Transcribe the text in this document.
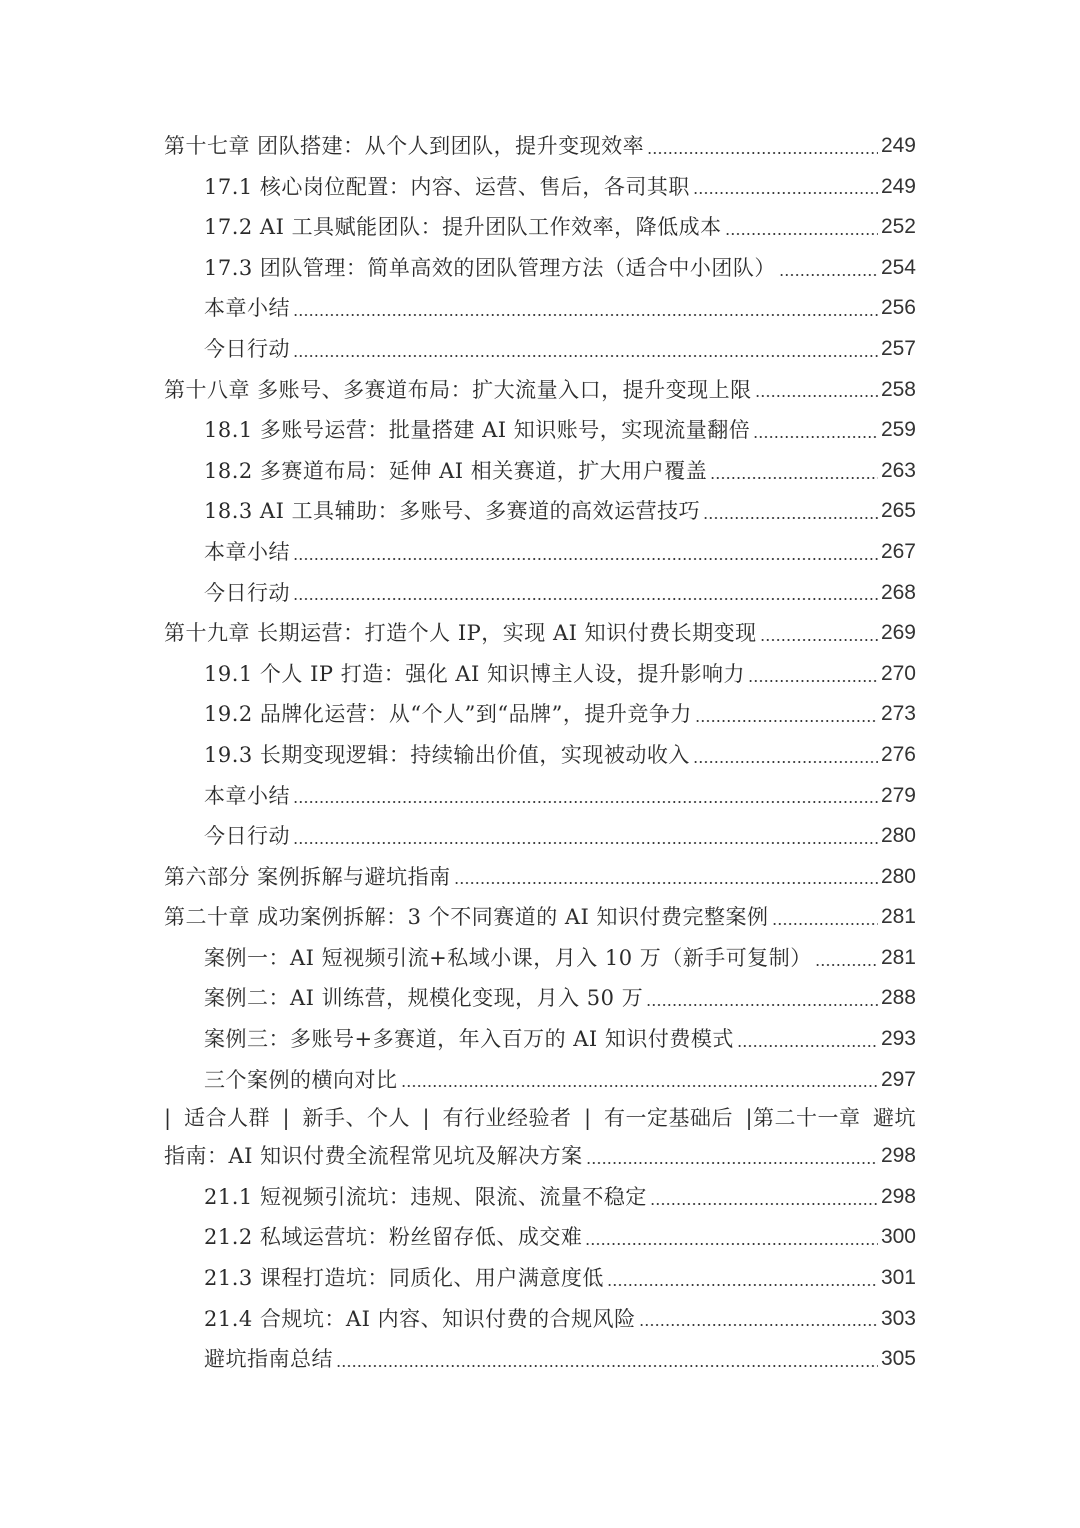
第十七章 团队搭建：从个人到团队，提升变现效率	249
17.1 核心岗位配置：内容、运营、售后，各司其职	249
17.2 AI 工具赋能团队：提升团队工作效率，降低成本	252
17.3 团队管理：简单高效的团队管理方法（适合中小团队）	254
本章小结	256
今日行动	257
第十八章 多账号、多赛道布局：扩大流量入口，提升变现上限	258
18.1 多账号运营：批量搭建 AI 知识账号，实现流量翻倍	259
18.2 多赛道布局：延伸 AI 相关赛道，扩大用户覆盖	263
18.3 AI 工具辅助：多账号、多赛道的高效运营技巧	265
本章小结	267
今日行动	268
第十九章 长期运营：打造个人 IP，实现 AI 知识付费长期变现	269
19.1 个人 IP 打造：强化 AI 知识博主人设，提升影响力	270
19.2 品牌化运营：从“个人”到“品牌”，提升竞争力	273
19.3 长期变现逻辑：持续输出价值，实现被动收入	276
本章小结	279
今日行动	280
第六部分 案例拆解与避坑指南	280
第二十章 成功案例拆解：3 个不同赛道的 AI 知识付费完整案例	281
案例一：AI 短视频引流+私域小课，月入 10 万（新手可复制）	281
案例二：AI 训练营，规模化变现，月入 50 万	288
案例三：多账号+多赛道，年入百万的 AI 知识付费模式	293
三个案例的横向对比	297
| 适合人群 | 新手、个人 | 有行业经验者 | 有一定基础后 |第二十一章 避坑
指南：AI 知识付费全流程常见坑及解决方案	298
21.1 短视频引流坑：违规、限流、流量不稳定	298
21.2 私域运营坑：粉丝留存低、成交难	300
21.3 课程打造坑：同质化、用户满意度低	301
21.4 合规坑：AI 内容、知识付费的合规风险	303
避坑指南总结	305
